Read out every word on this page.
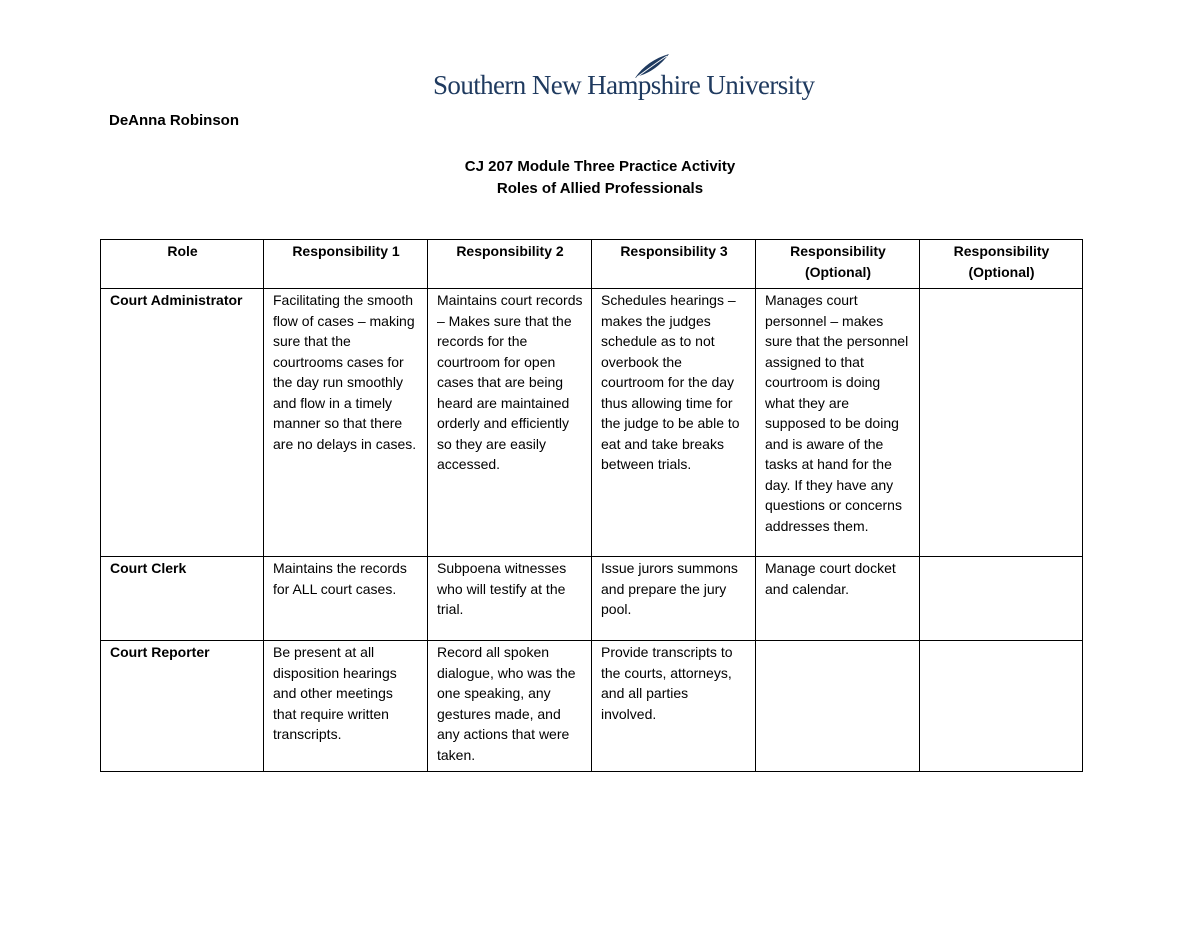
Southern New Hampshire University
DeAnna Robinson
CJ 207 Module Three Practice Activity
Roles of Allied Professionals
Role	Responsibility 1	Responsibility 2	Responsibility 3	Responsibility (Optional)	Responsibility (Optional)
Court Administrator	Facilitating the smooth flow of cases – making sure that the courtrooms cases for the day run smoothly and flow in a timely manner so that there are no delays in cases.	Maintains court records – Makes sure that the records for the courtroom for open cases that are being heard are maintained orderly and efficiently so they are easily accessed.	Schedules hearings – makes the judges schedule as to not overbook the courtroom for the day thus allowing time for the judge to be able to eat and take breaks between trials.	Manages court personnel – makes sure that the personnel assigned to that courtroom is doing what they are supposed to be doing and is aware of the tasks at hand for the day. If they have any questions or concerns addresses them.	
Court Clerk	Maintains the records for ALL court cases.	Subpoena witnesses who will testify at the trial.	Issue jurors summons and prepare the jury pool.	Manage court docket and calendar.	
Court Reporter	Be present at all disposition hearings and other meetings that require written transcripts.	Record all spoken dialogue, who was the one speaking, any gestures made, and any actions that were taken.	Provide transcripts to the courts, attorneys, and all parties involved.		
